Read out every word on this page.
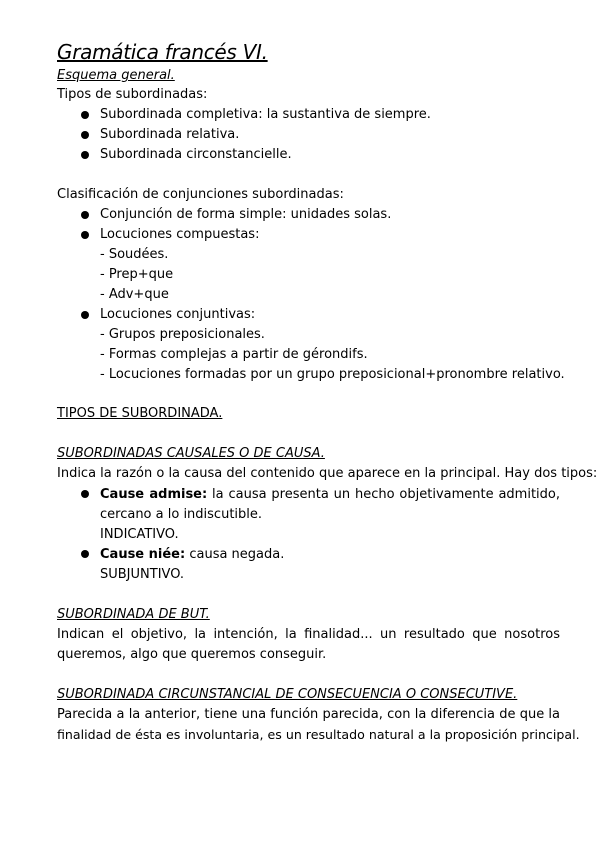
Gramática francés VI.
Esquema general.
Tipos de subordinadas:
Subordinada completiva: la sustantiva de siempre.
Subordinada relativa.
Subordinada circonstancielle.
Clasificación de conjunciones subordinadas:
Conjunción de forma simple: unidades solas.
Locuciones compuestas:
- Soudées.
- Prep+que
- Adv+que
Locuciones conjuntivas:
- Grupos preposicionales.
- Formas complejas a partir de gérondifs.
- Locuciones formadas por un grupo preposicional+pronombre relativo.
TIPOS DE SUBORDINADA.
SUBORDINADAS CAUSALES O DE CAUSA.
Indica la razón o la causa del contenido que aparece en la principal. Hay dos tipos:
Cause admise: la causa presenta un hecho objetivamente admitido,
cercano a lo indiscutible.
INDICATIVO.
Cause niée: causa negada.
SUBJUNTIVO.
SUBORDINADA DE BUT.
Indican el objetivo, la intención, la finalidad... un resultado que nosotros
queremos, algo que queremos conseguir.
SUBORDINADA CIRCUNSTANCIAL DE CONSECUENCIA O CONSECUTIVE.
Parecida a la anterior, tiene una función parecida, con la diferencia de que la
finalidad de ésta es involuntaria, es un resultado natural a la proposición principal.
